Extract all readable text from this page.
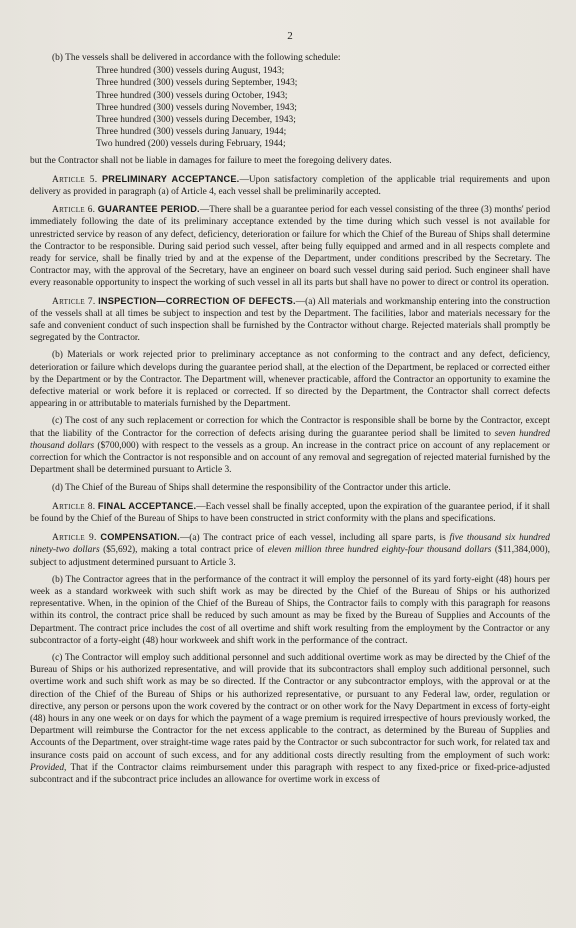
2

(b) The vessels shall be delivered in accordance with the following schedule:

Three hundred (300) vessels during August, 1943;
Three hundred (300) vessels during September, 1943;
Three hundred (300) vessels during October, 1943;
Three hundred (300) vessels during November, 1943;
Three hundred (300) vessels during December, 1943;
Three hundred (300) vessels during January, 1944;
Two hundred (200) vessels during February, 1944;

but the Contractor shall not be liable in damages for failure to meet the foregoing delivery dates.

Article 5. PRELIMINARY ACCEPTANCE.—Upon satisfactory completion of the applicable trial requirements and upon delivery as provided in paragraph (a) of Article 4, each vessel shall be preliminarily accepted.

Article 6. GUARANTEE PERIOD.—There shall be a guarantee period for each vessel consisting of the three (3) months' period immediately following the date of its preliminary acceptance extended by the time during which such vessel is not available for unrestricted service by reason of any defect, deficiency, deterioration or failure for which the Chief of the Bureau of Ships shall determine the Contractor to be responsible. During said period such vessel, after being fully equipped and armed and in all respects complete and ready for service, shall be finally tried by and at the expense of the Department, under conditions prescribed by the Secretary. The Contractor may, with the approval of the Secretary, have an engineer on board such vessel during said period. Such engineer shall have every reasonable opportunity to inspect the working of such vessel in all its parts but shall have no power to direct or control its operation.

Article 7. INSPECTION—CORRECTION OF DEFECTS.—(a) All materials and workmanship entering into the construction of the vessels shall at all times be subject to inspection and test by the Department. The facilities, labor and materials necessary for the safe and convenient conduct of such inspection shall be furnished by the Contractor without charge. Rejected materials shall promptly be segregated by the Contractor.

(b) Materials or work rejected prior to preliminary acceptance as not conforming to the contract and any defect, deficiency, deterioration or failure which develops during the guarantee period shall, at the election of the Department, be replaced or corrected either by the Department or by the Contractor. The Department will, whenever practicable, afford the Contractor an opportunity to examine the defective material or work before it is replaced or corrected. If so directed by the Department, the Contractor shall correct defects appearing in or attributable to materials furnished by the Department.

(c) The cost of any such replacement or correction for which the Contractor is responsible shall be borne by the Contractor, except that the liability of the Contractor for the correction of defects arising during the guarantee period shall be limited to seven hundred thousand dollars ($700,000) with respect to the vessels as a group. An increase in the contract price on account of any replacement or correction for which the Contractor is not responsible and on account of any removal and segregation of rejected material furnished by the Department shall be determined pursuant to Article 3.

(d) The Chief of the Bureau of Ships shall determine the responsibility of the Contractor under this article.

Article 8. FINAL ACCEPTANCE.—Each vessel shall be finally accepted, upon the expiration of the guarantee period, if it shall be found by the Chief of the Bureau of Ships to have been constructed in strict conformity with the plans and specifications.

Article 9. COMPENSATION.—(a) The contract price of each vessel, including all spare parts, is five thousand six hundred ninety-two dollars ($5,692), making a total contract price of eleven million three hundred eighty-four thousand dollars ($11,384,000), subject to adjustment determined pursuant to Article 3.

(b) The Contractor agrees that in the performance of the contract it will employ the personnel of its yard forty-eight (48) hours per week as a standard workweek with such shift work as may be directed by the Chief of the Bureau of Ships or his authorized representative. When, in the opinion of the Chief of the Bureau of Ships, the Contractor fails to comply with this paragraph for reasons within its control, the contract price shall be reduced by such amount as may be fixed by the Bureau of Supplies and Accounts of the Department. The contract price includes the cost of all overtime and shift work resulting from the employment by the Contractor or any subcontractor of a forty-eight (48) hour workweek and shift work in the performance of the contract.

(c) The Contractor will employ such additional personnel and such additional overtime work as may be directed by the Chief of the Bureau of Ships or his authorized representative, and will provide that its subcontractors shall employ such additional personnel, such overtime work and such shift work as may be so directed. If the Contractor or any subcontractor employs, with the approval or at the direction of the Chief of the Bureau of Ships or his authorized representative, or pursuant to any Federal law, order, regulation or directive, any person or persons upon the work covered by the contract or on other work for the Navy Department in excess of forty-eight (48) hours in any one week or on days for which the payment of a wage premium is required irrespective of hours previously worked, the Department will reimburse the Contractor for the net excess applicable to the contract, as determined by the Bureau of Supplies and Accounts of the Department, over straight-time wage rates paid by the Contractor or such subcontractor for such work, for related tax and insurance costs paid on account of such excess, and for any additional costs directly resulting from the employment of such work: Provided, That if the Contractor claims reimbursement under this paragraph with respect to any fixed-price or fixed-price-adjusted subcontract and if the subcontract price includes an allowance for overtime work in excess of
